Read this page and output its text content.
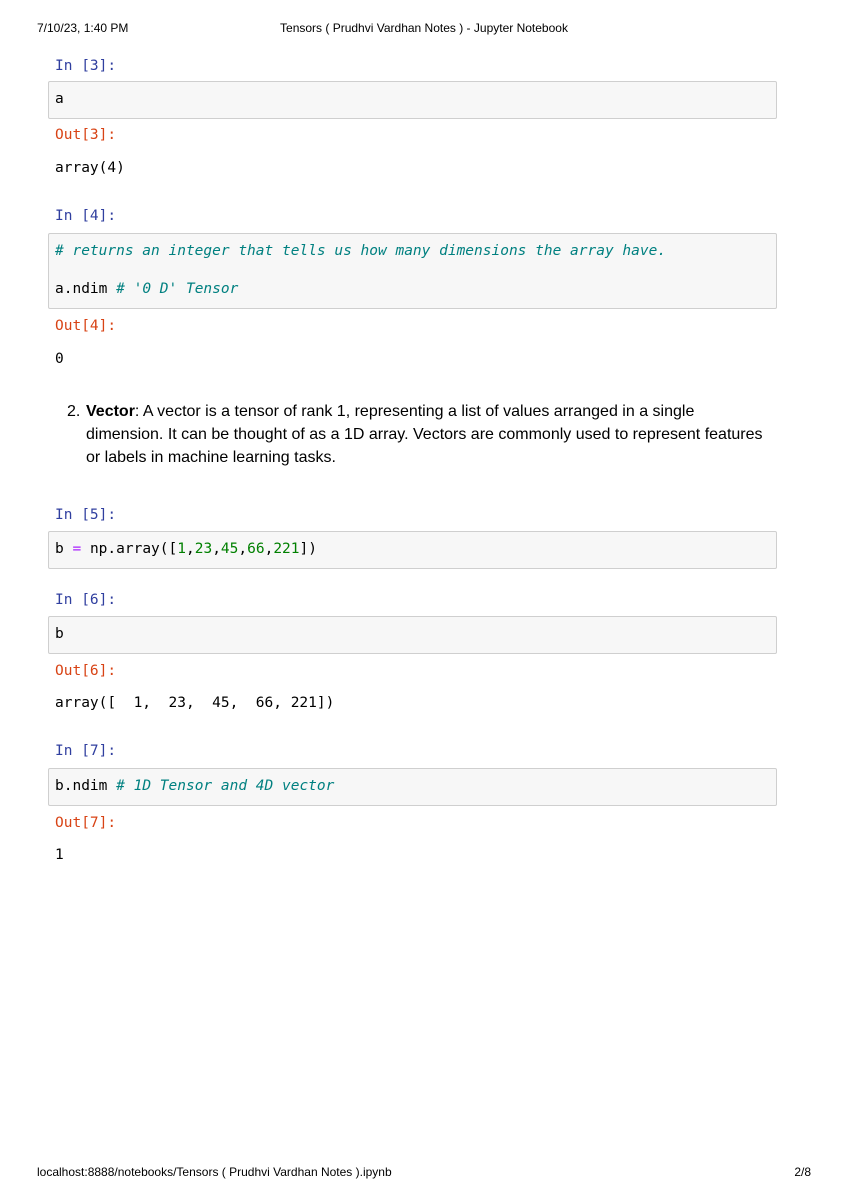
7/10/23, 1:40 PM	Tensors ( Prudhvi Vardhan Notes ) - Jupyter Notebook
In [3]:
a
Out[3]:
array(4)
In [4]:
# returns an integer that tells us how many dimensions the array have.
a.ndim # '0 D' Tensor
Out[4]:
0
2. Vector: A vector is a tensor of rank 1, representing a list of values arranged in a single
dimension. It can be thought of as a 1D array. Vectors are commonly used to represent features
or labels in machine learning tasks.
In [5]:
b = np.array([1,23,45,66,221])
In [6]:
b
Out[6]:
array([  1,  23,  45,  66, 221])
In [7]:
b.ndim # 1D Tensor and 4D vector
Out[7]:
1
localhost:8888/notebooks/Tensors ( Prudhvi Vardhan Notes ).ipynb	2/8
